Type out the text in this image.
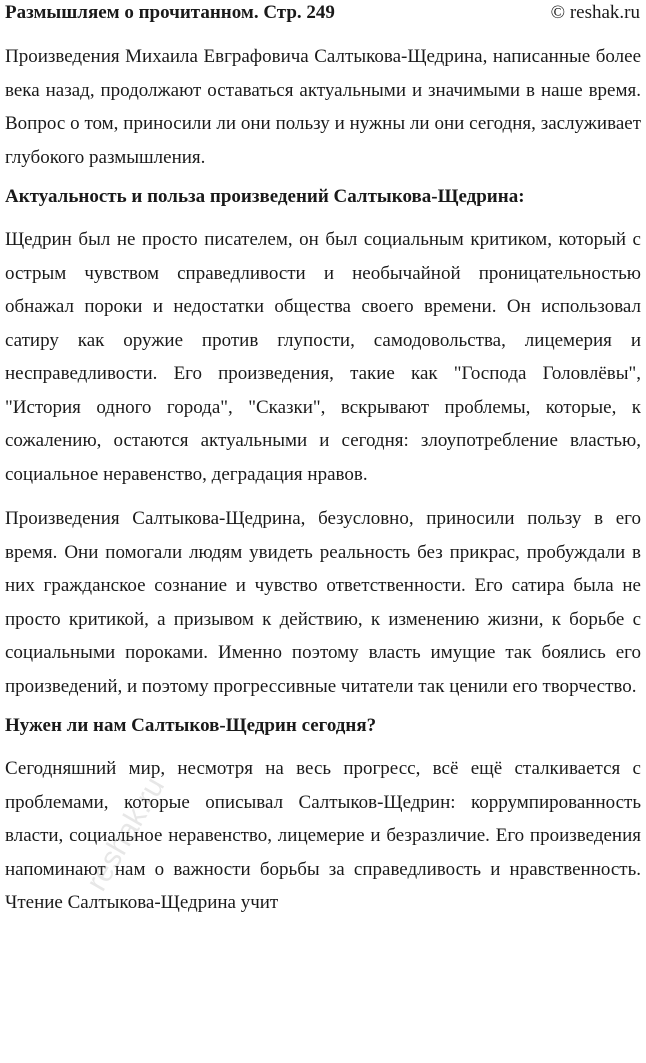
Размышляем о прочитанном. Стр. 249	© reshak.ru

Произведения Михаила Евграфовича Салтыкова-Щедрина, написанные более века назад, продолжают оставаться актуальными и значимыми в наше время. Вопрос о том, приносили ли они пользу и нужны ли они сегодня, заслуживает глубокого размышления.

Актуальность и польза произведений Салтыкова-Щедрина:

Щедрин был не просто писателем, он был социальным критиком, который с острым чувством справедливости и необычайной проницательностью обнажал пороки и недостатки общества своего времени. Он использовал сатиру как оружие против глупости, самодовольства, лицемерия и несправедливости. Его произведения, такие как "Господа Головлёвы", "История одного города", "Сказки", вскрывают проблемы, которые, к сожалению, остаются актуальными и сегодня: злоупотребление властью, социальное неравенство, деградация нравов.

Произведения Салтыкова-Щедрина, безусловно, приносили пользу в его время. Они помогали людям увидеть реальность без прикрас, пробуждали в них гражданское сознание и чувство ответственности. Его сатира была не просто критикой, а призывом к действию, к изменению жизни, к борьбе с социальными пороками. Именно поэтому власть имущие так боялись его произведений, и поэтому прогрессивные читатели так ценили его творчество.

Нужен ли нам Салтыков-Щедрин сегодня?

Сегодняшний мир, несмотря на весь прогресс, всё ещё сталкивается с проблемами, которые описывал Салтыков-Щедрин: коррумпированность власти, социальное неравенство, лицемерие и безразличие. Его произведения напоминают нам о важности борьбы за справедливость и нравственность. Чтение Салтыкова-Щедрина учит

reshak.ru
